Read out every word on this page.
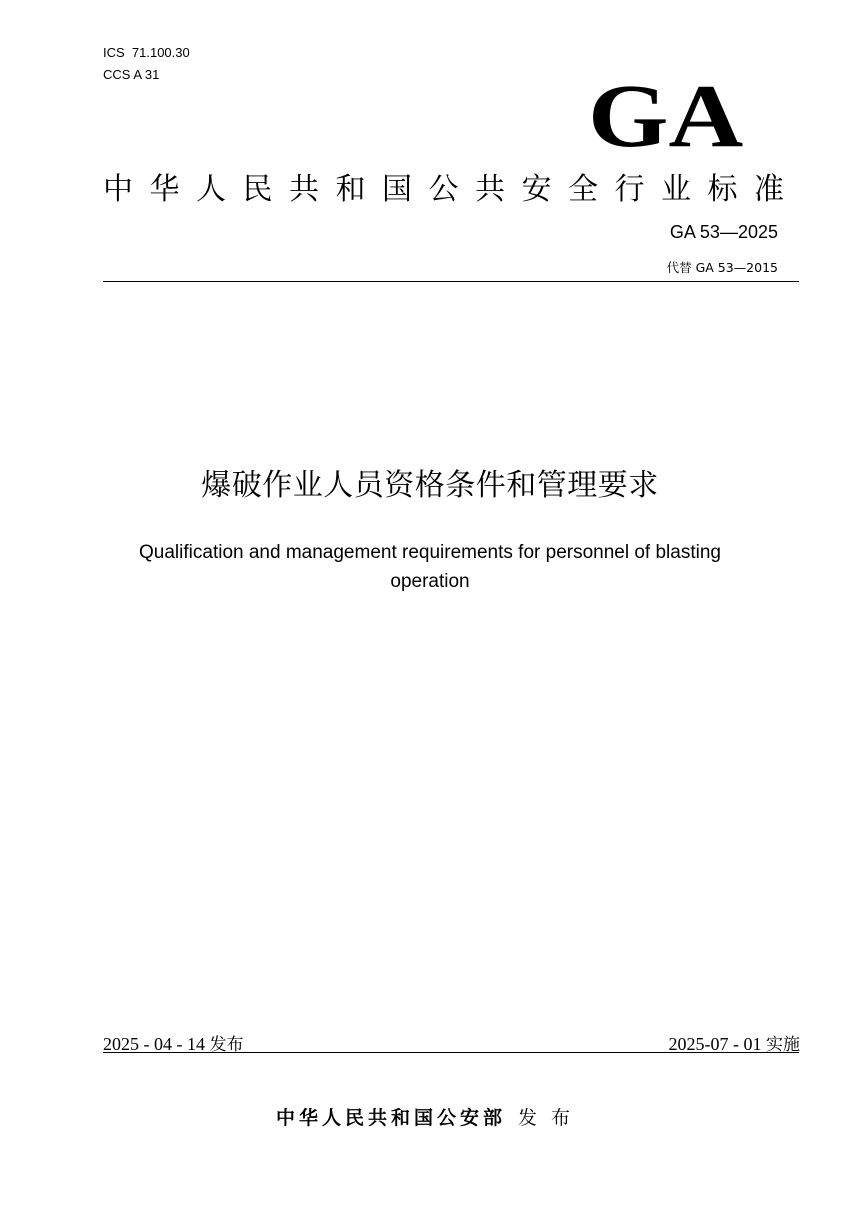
ICS  71.100.30
CCS A 31	GA
中华人民共和国公共安全行业标准
GA 53—2025
代替 GA 53—2015
爆破作业人员资格条件和管理要求
Qualification and management requirements for personnel of blasting operation
2025 - 04 - 14 发布	2025-07 - 01 实施
中华人民共和国公安部 发布
